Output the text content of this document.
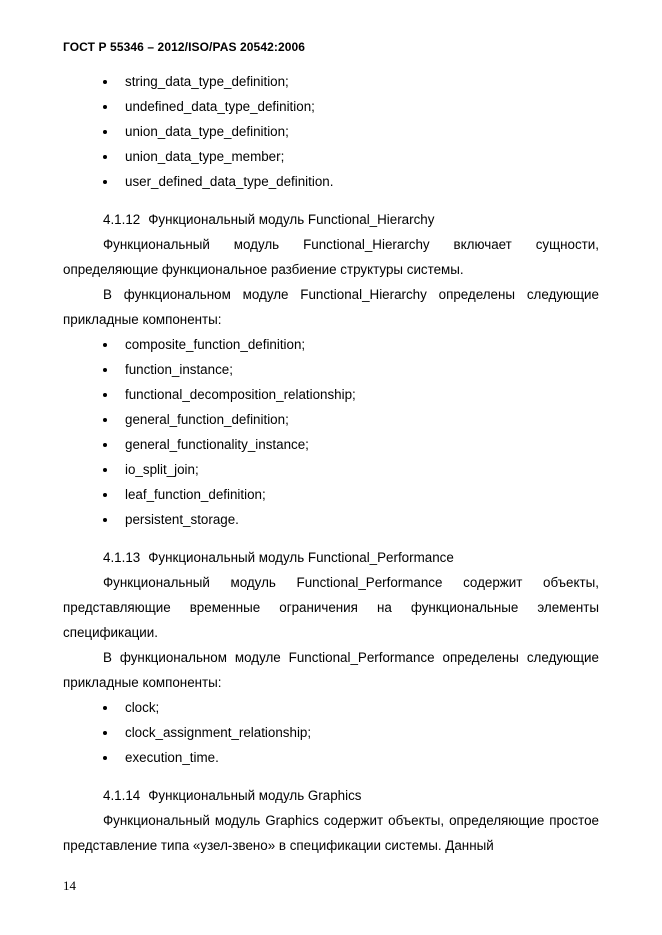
ГОСТ Р 55346 – 2012/ISO/PAS 20542:2006
string_data_type_definition;
undefined_data_type_definition;
union_data_type_definition;
union_data_type_member;
user_defined_data_type_definition.
4.1.12 Функциональный модуль Functional_Hierarchy

Функциональный модуль Functional_Hierarchy включает сущности, определяющие функциональное разбиение структуры системы.

В функциональном модуле Functional_Hierarchy определены следующие прикладные компоненты:

composite_function_definition;
function_instance;
functional_decomposition_relationship;
general_function_definition;
general_functionality_instance;
io_split_join;
leaf_function_definition;
persistent_storage.
4.1.13 Функциональный модуль Functional_Performance

Функциональный модуль Functional_Performance содержит объекты, представляющие временные ограничения на функциональные элементы спецификации.

В функциональном модуле Functional_Performance определены следующие прикладные компоненты:

clock;
clock_assignment_relationship;
execution_time.
4.1.14 Функциональный модуль Graphics

Функциональный модуль Graphics содержит объекты, определяющие простое представление типа «узел-звено» в спецификации системы. Данный

14
